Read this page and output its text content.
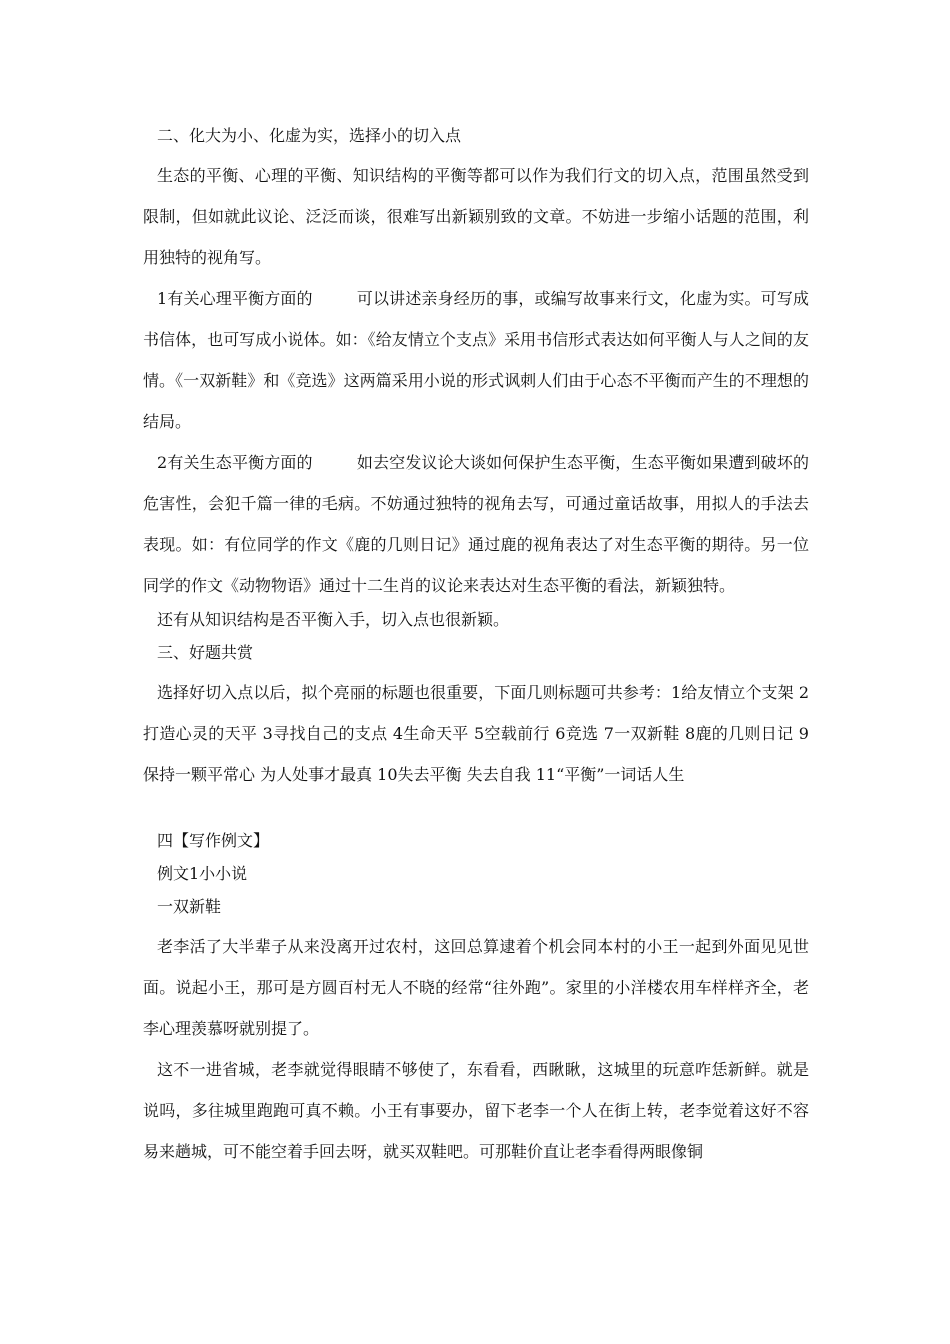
二、化大为小、化虚为实，选择小的切入点

生态的平衡、心理的平衡、知识结构的平衡等都可以作为我们行文的切入点，范围虽然受到限制，但如就此议论、泛泛而谈，很难写出新颖别致的文章。不妨进一步缩小话题的范围，利用独特的视角写。

1有关心理平衡方面的	可以讲述亲身经历的事，或编写故事来行文，化虚为实。可写成书信体，也可写成小说体。如：《给友情立个支点》采用书信形式表达如何平衡人与人之间的友情。《一双新鞋》和《竞选》这两篇采用小说的形式讽刺人们由于心态不平衡而产生的不理想的结局。

2有关生态平衡方面的	如去空发议论大谈如何保护生态平衡，生态平衡如果遭到破坏的危害性，会犯千篇一律的毛病。不妨通过独特的视角去写，可通过童话故事，用拟人的手法去表现。如：有位同学的作文《鹿的几则日记》通过鹿的视角表达了对生态平衡的期待。另一位同学的作文《动物物语》通过十二生肖的议论来表达对生态平衡的看法，新颖独特。

还有从知识结构是否平衡入手，切入点也很新颖。

三、好题共赏

选择好切入点以后，拟个亮丽的标题也很重要，下面几则标题可共参考：1给友情立个支架 2打造心灵的天平 3寻找自己的支点 4生命天平 5空载前行 6竞选 7一双新鞋 8鹿的几则日记 9保持一颗平常心 为人处事才最真 10失去平衡 失去自我 11“平衡”一词话人生

四【写作例文】

例文1小小说

一双新鞋

老李活了大半辈子从来没离开过农村，这回总算逮着个机会同本村的小王一起到外面见见世面。说起小王，那可是方圆百村无人不晓的经常“往外跑”。家里的小洋楼农用车样样齐全，老李心理羡慕呀就别提了。

这不一进省城，老李就觉得眼睛不够使了，东看看，西瞅瞅，这城里的玩意咋恁新鲜。就是说吗，多往城里跑跑可真不赖。小王有事要办，留下老李一个人在街上转，老李觉着这好不容易来趟城，可不能空着手回去呀，就买双鞋吧。可那鞋价直让老李看得两眼像铜
